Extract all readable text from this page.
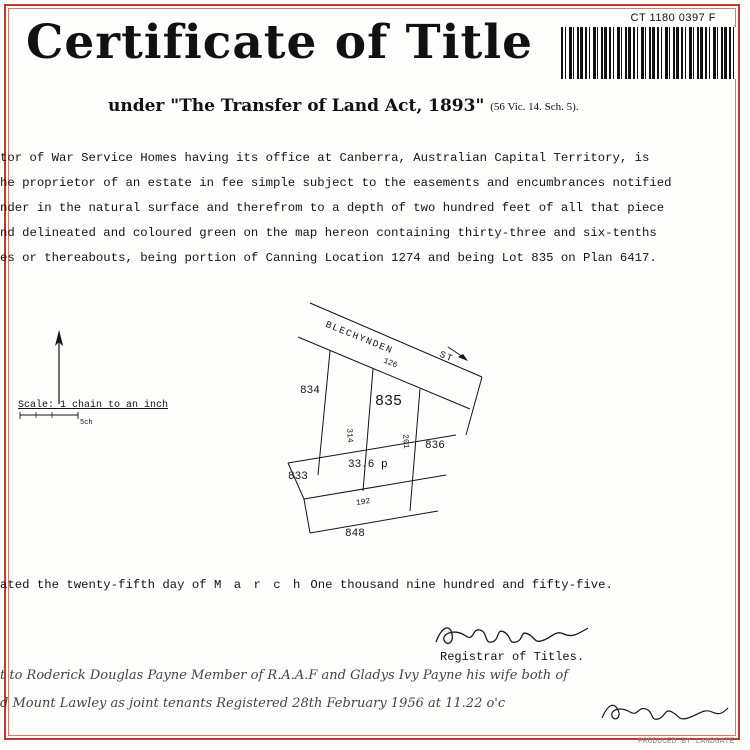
Certificate of Title
under "The Transfer of Land Act, 1893" (56 Vic. 14. Sch. 5).
CT 1180 0397 F
tor of War Service Homes having its office at Canberra, Australian Capital Territory, is
he proprietor of an estate in fee simple subject to the easements and encumbrances notified
nder in the natural surface and therefrom to a depth of two hundred feet of all that piece
nd delineated and coloured green on the map hereon containing thirty-three and six-tenths
es or thereabouts, being portion of Canning Location 1274 and being Lot 835 on Plan 6417.
Scale: 1 chain to an inch
5ch
BLECHYNDEN
ST
834
835
836
833
848
33.6 p
126
314	201
192
ated the twenty-fifth day of M a r c h One thousand nine hundred and fifty-five.
Registrar of Titles.
t to Roderick Douglas Payne Member of R.A.A.F and Gladys Ivy Payne his wife both of
d Mount Lawley as joint tenants Registered 28th February 1956 at 11.22 o'c
PRODUCED BY LANDGATE
